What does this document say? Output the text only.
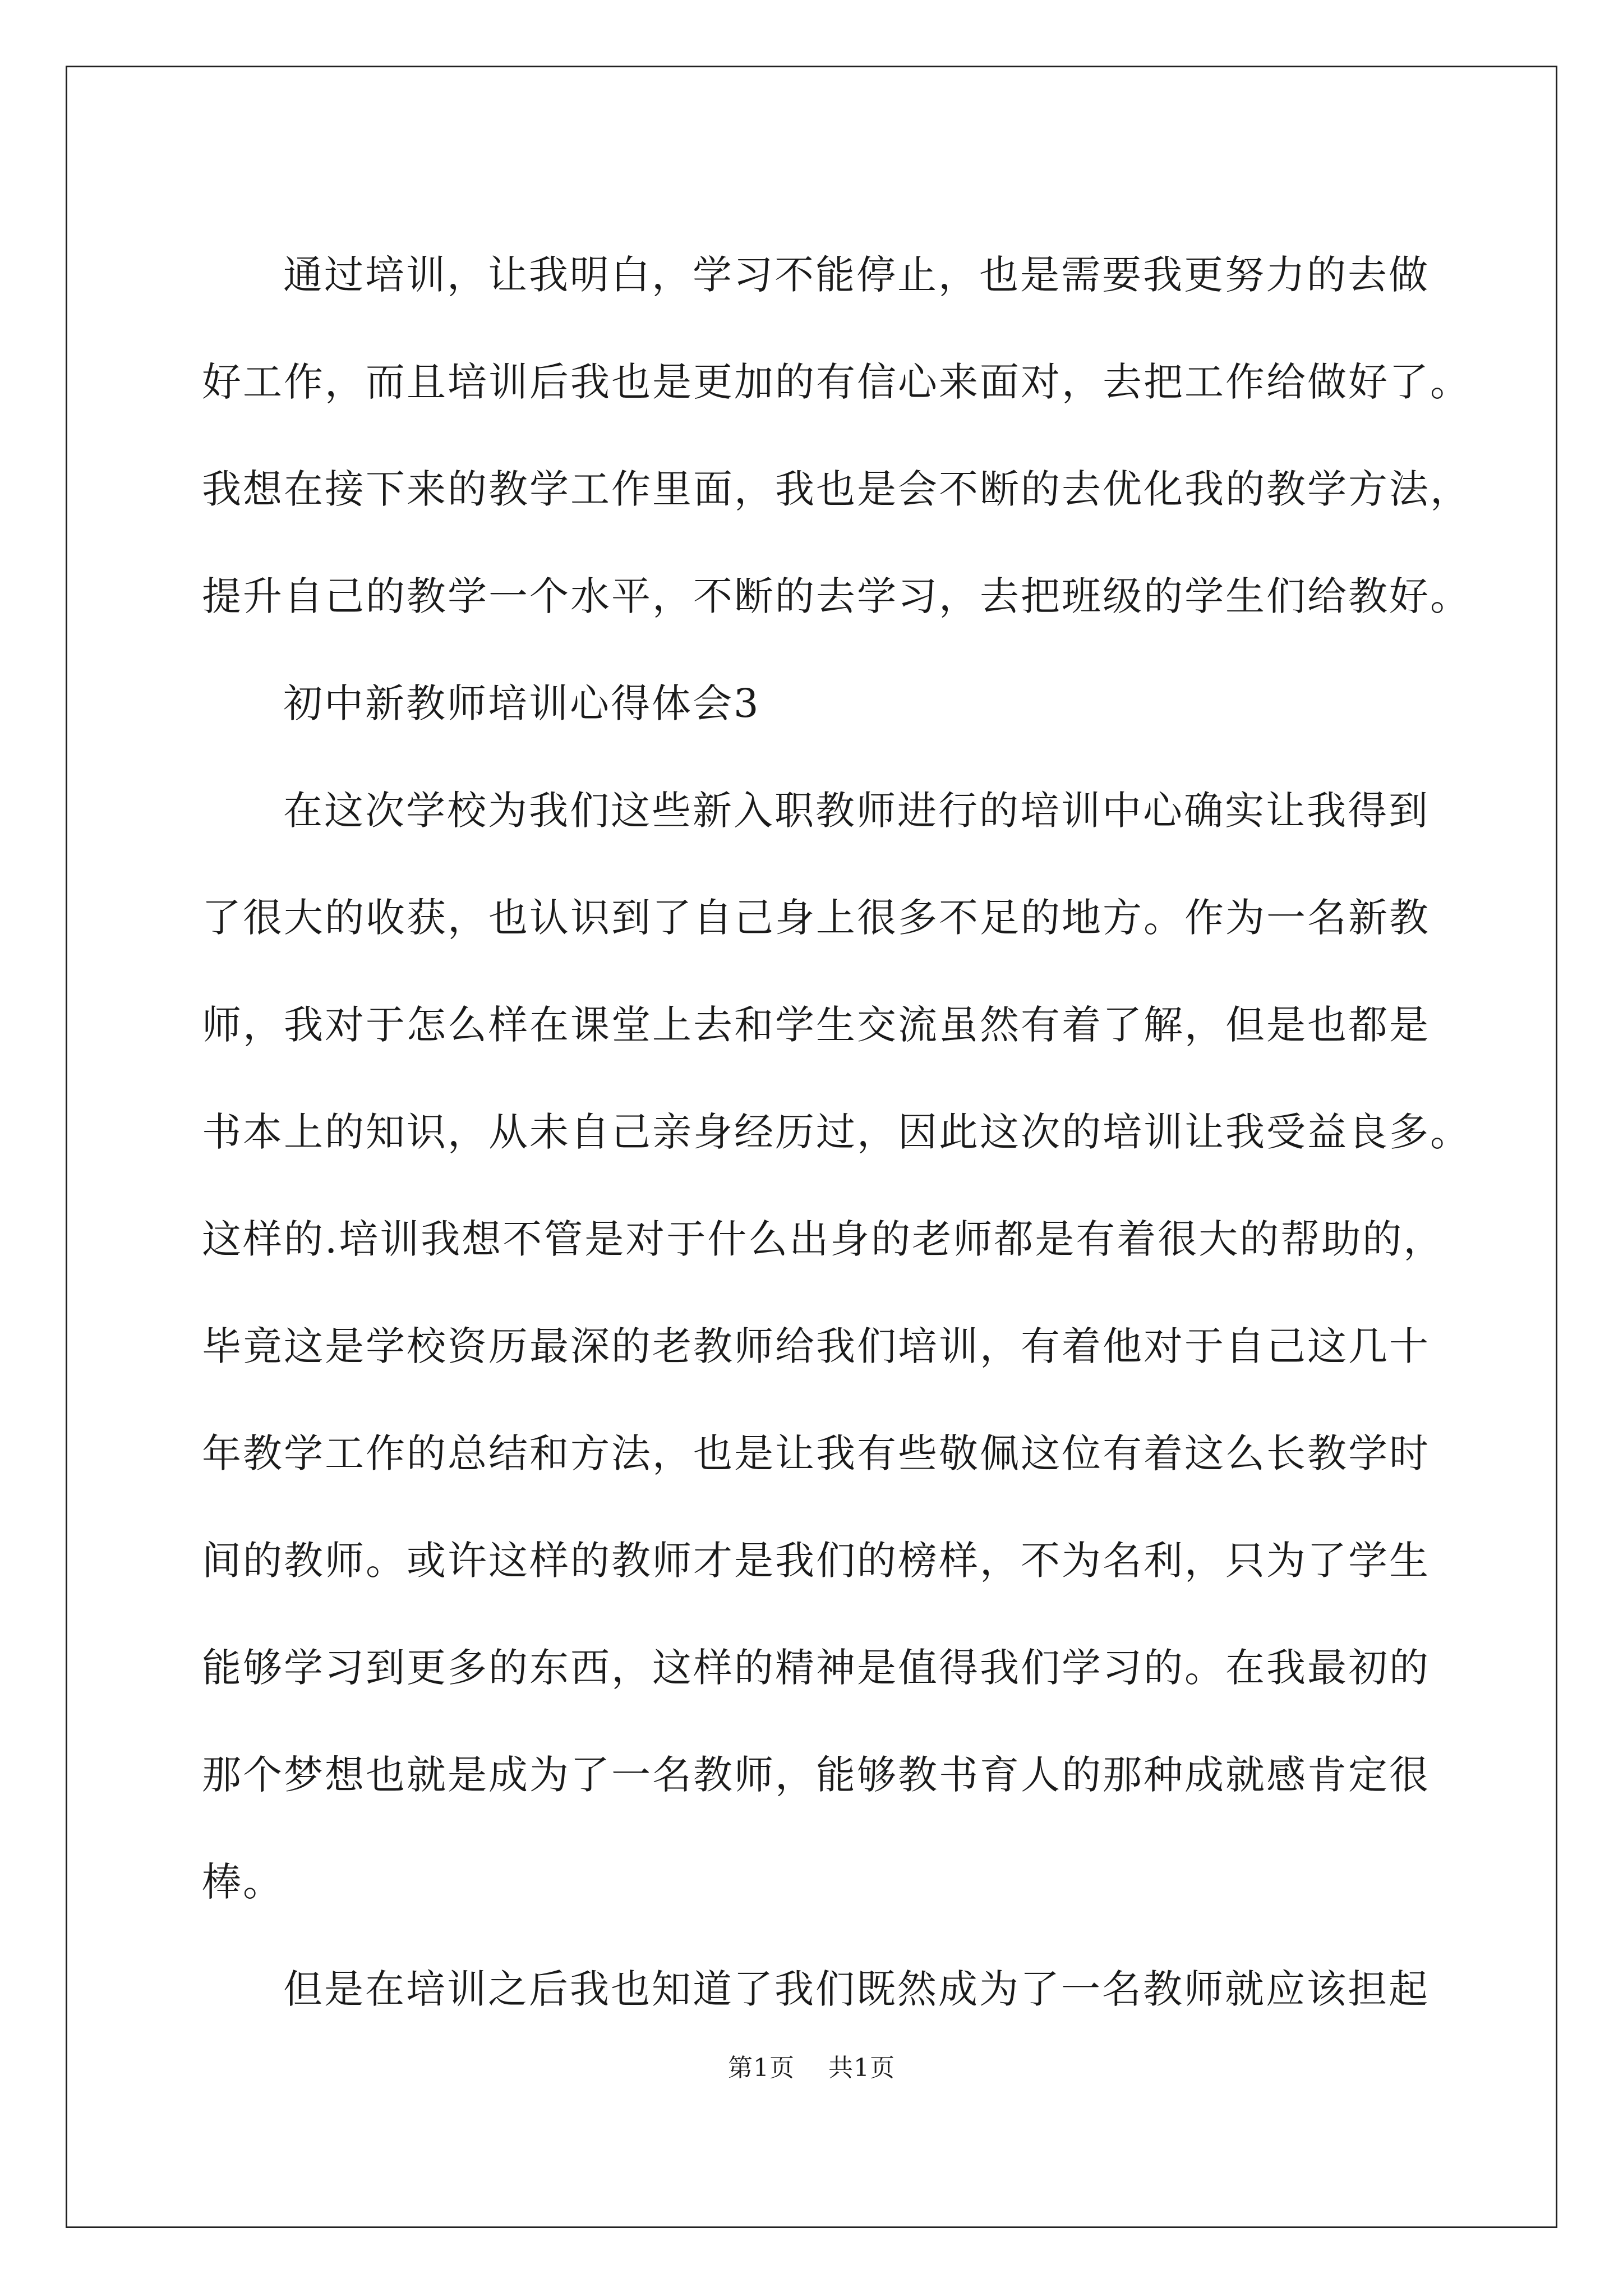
通过培训，让我明白，学习不能停止，也是需要我更努力的去做
好工作，而且培训后我也是更加的有信心来面对，去把工作给做好了。
我想在接下来的教学工作里面，我也是会不断的去优化我的教学方法，
提升自己的教学一个水平，不断的去学习，去把班级的学生们给教好。
初中新教师培训心得体会3
在这次学校为我们这些新入职教师进行的培训中心确实让我得到
了很大的收获，也认识到了自己身上很多不足的地方。作为一名新教
师，我对于怎么样在课堂上去和学生交流虽然有着了解，但是也都是
书本上的知识，从未自己亲身经历过，因此这次的培训让我受益良多。
这样的.培训我想不管是对于什么出身的老师都是有着很大的帮助的，
毕竟这是学校资历最深的老教师给我们培训，有着他对于自己这几十
年教学工作的总结和方法，也是让我有些敬佩这位有着这么长教学时
间的教师。或许这样的教师才是我们的榜样，不为名利，只为了学生
能够学习到更多的东西，这样的精神是值得我们学习的。在我最初的
那个梦想也就是成为了一名教师，能够教书育人的那种成就感肯定很
棒。
但是在培训之后我也知道了我们既然成为了一名教师就应该担起
第1页 共1页
